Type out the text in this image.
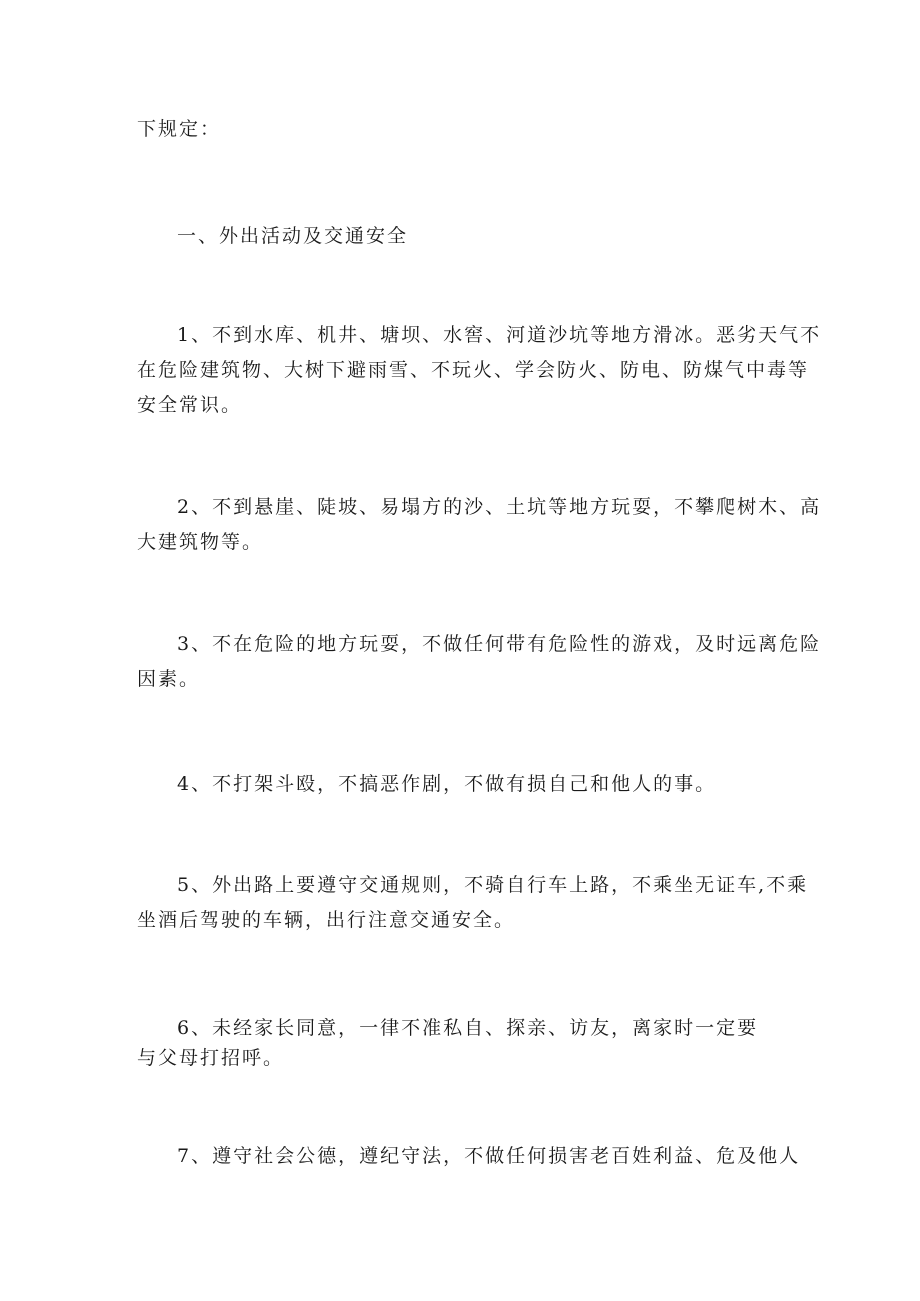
下规定：
一、外出活动及交通安全
1、不到水库、机井、塘坝、水窖、河道沙坑等地方滑冰。恶劣天气不
在危险建筑物、大树下避雨雪、不玩火、学会防火、防电、防煤气中毒等
安全常识。
2、不到悬崖、陡坡、易塌方的沙、土坑等地方玩耍，不攀爬树木、高
大建筑物等。
3、不在危险的地方玩耍，不做任何带有危险性的游戏，及时远离危险
因素。
4、不打架斗殴，不搞恶作剧，不做有损自己和他人的事。
5、外出路上要遵守交通规则，不骑自行车上路，不乘坐无证车,不乘
坐酒后驾驶的车辆，出行注意交通安全。
6、未经家长同意，一律不准私自、探亲、访友，离家时一定要
与父母打招呼。
7、遵守社会公德，遵纪守法，不做任何损害老百姓利益、危及他人
